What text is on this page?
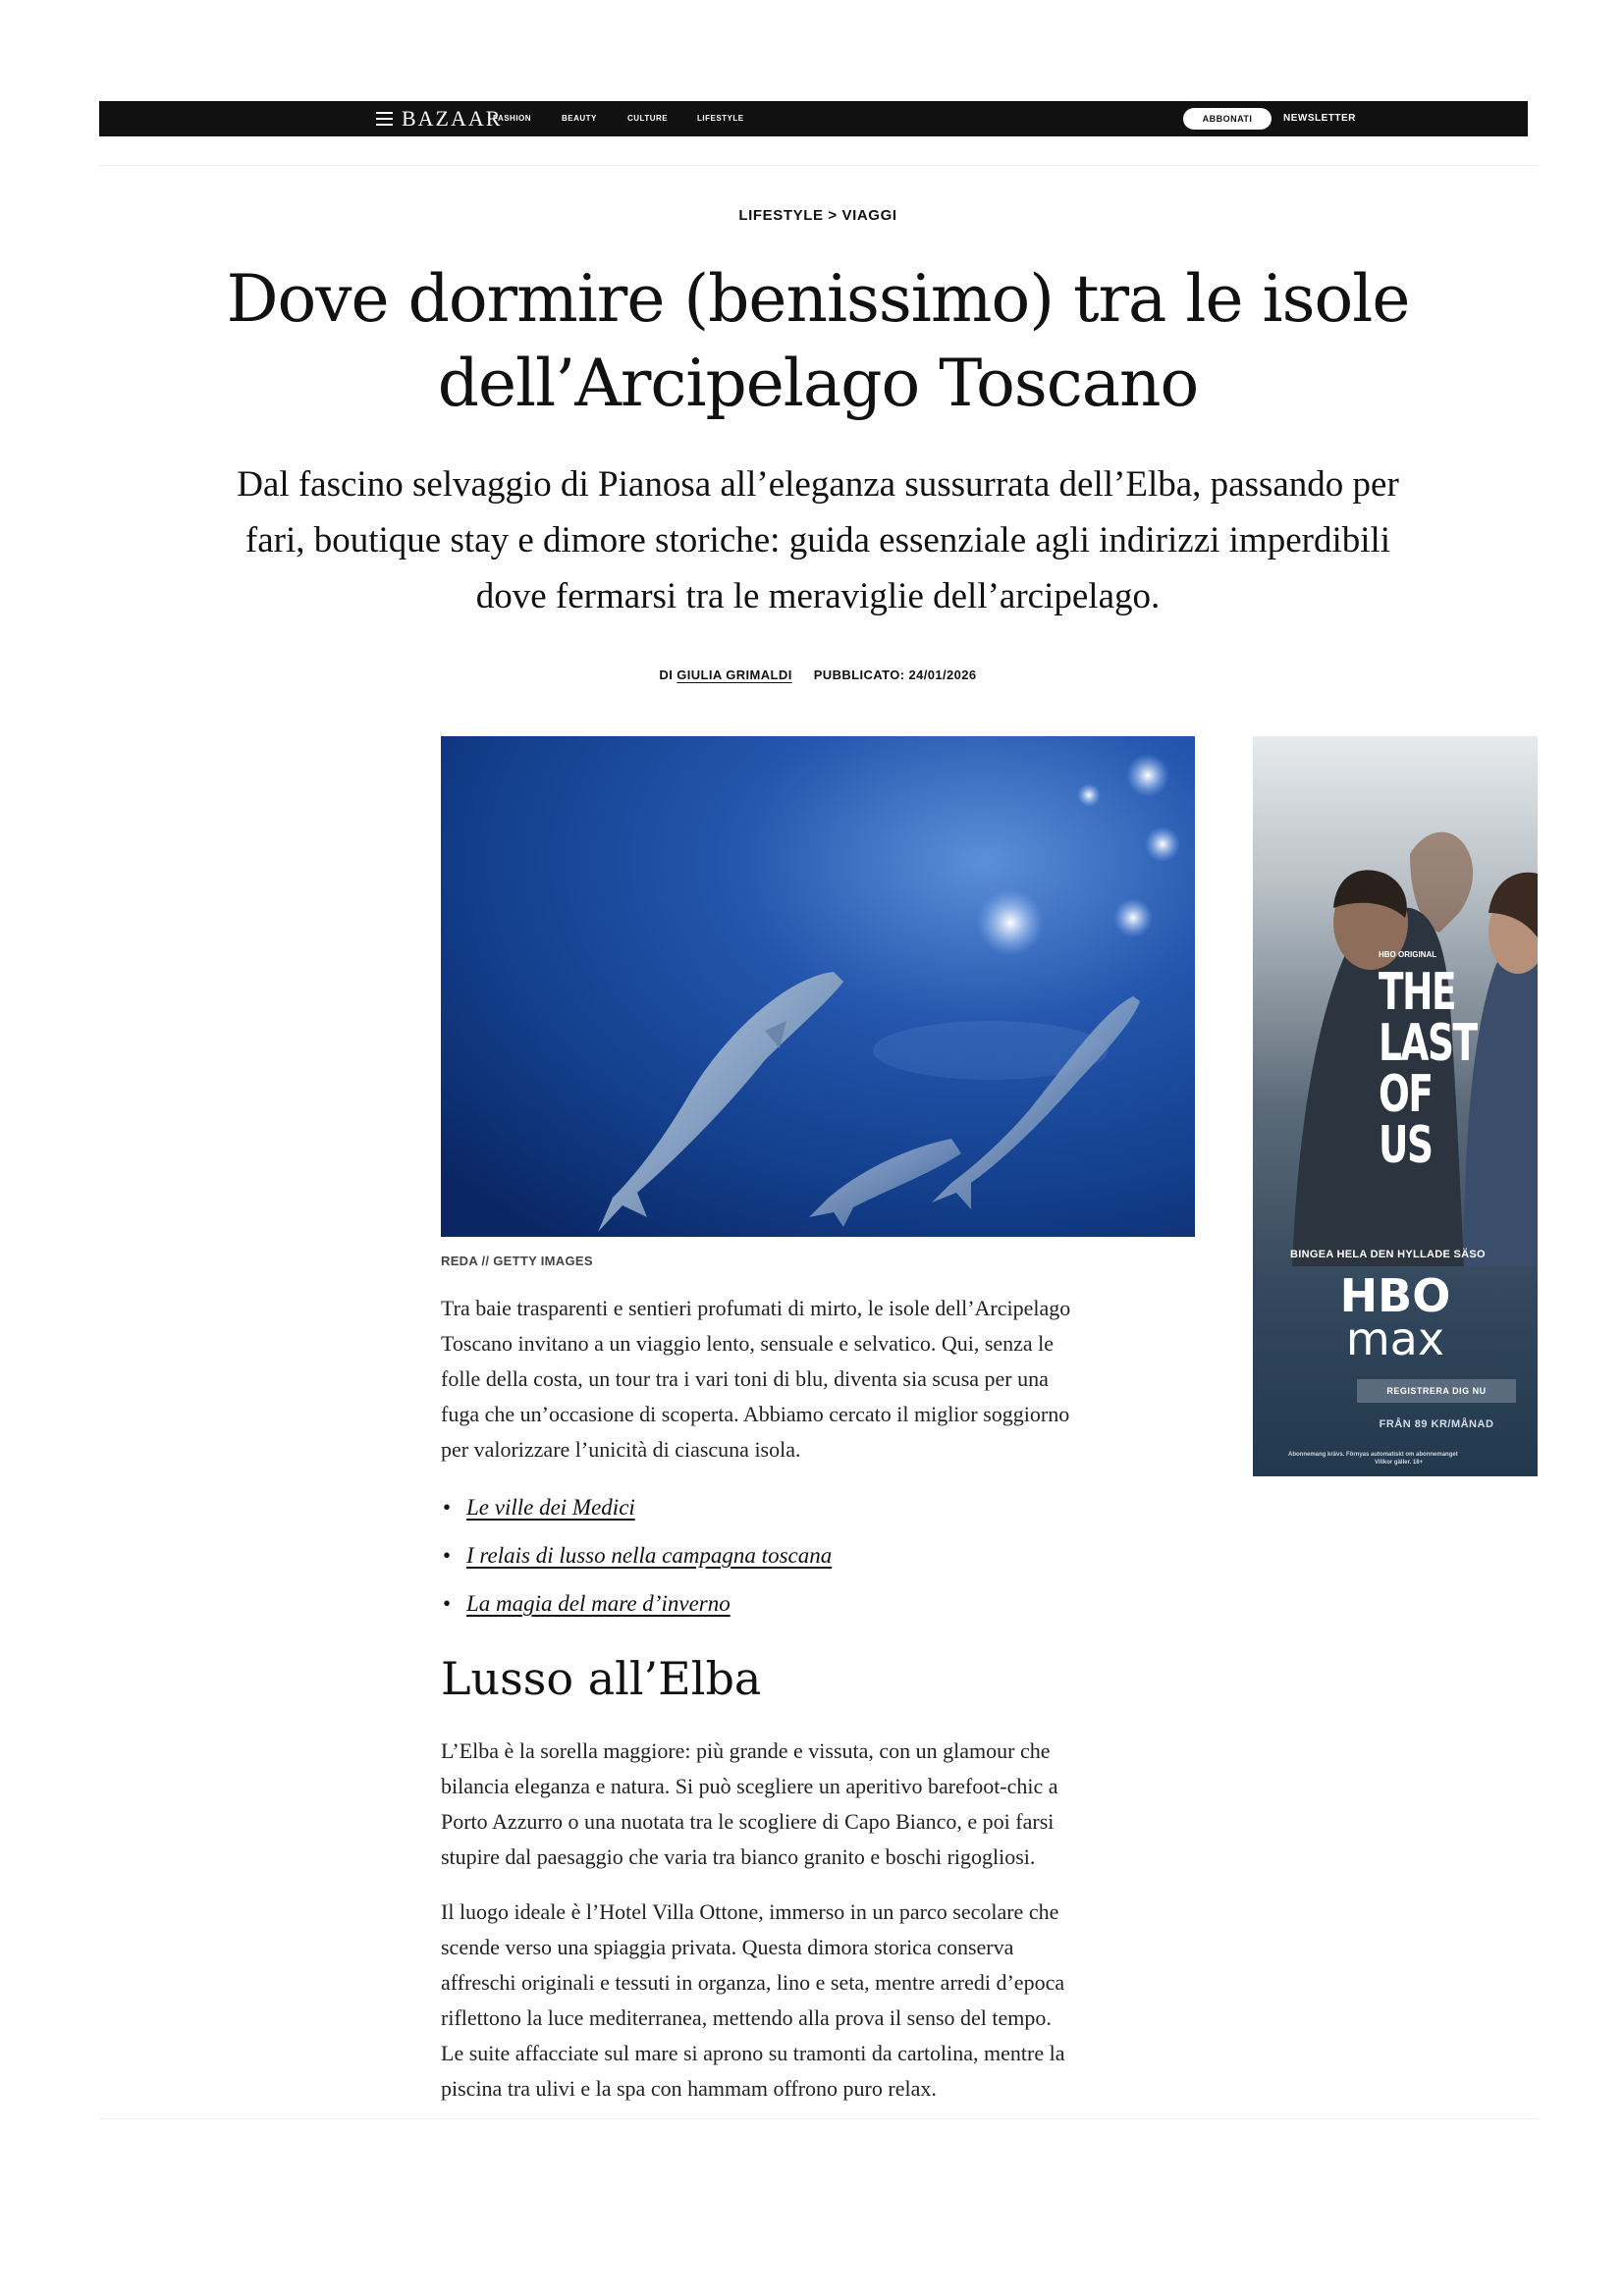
BAZAAR
FASHION	BEAUTY	CULTURE	LIFESTYLE	ABBONATI	NEWSLETTER
LIFESTYLE > VIAGGI
Dove dormire (benissimo) tra le isole
dell’Arcipelago Toscano
Dal fascino selvaggio di Pianosa all’eleganza sussurrata dell’Elba, passando per
fari, boutique stay e dimore storiche: guida essenziale agli indirizzi imperdibili
dove fermarsi tra le meraviglie dell’arcipelago.
DI GIULIA GRIMALDI PUBBLICATO: 24/01/2026
REDA // GETTY IMAGES
HBO ORIGINAL
THE
LAST
OF US
BINGEA HELA DEN HYLLADE SÄSO
HBO
max
REGISTRERA DIG NU
FRÅN 89 KR/MÅNAD
Abonnemang krävs. Förnyas automatiskt om abonnemanget
Villkor gäller. 18+
Tra baie trasparenti e sentieri profumati di mirto, le isole dell’Arcipelago
Toscano invitano a un viaggio lento, sensuale e selvatico. Qui, senza le
folle della costa, un tour tra i vari toni di blu, diventa sia scusa per una
fuga che un’occasione di scoperta. Abbiamo cercato il miglior soggiorno
per valorizzare l’unicità di ciascuna isola.
• Le ville dei Medici
• I relais di lusso nella campagna toscana
• La magia del mare d’inverno
Lusso all’Elba
L’Elba è la sorella maggiore: più grande e vissuta, con un glamour che
bilancia eleganza e natura. Si può scegliere un aperitivo barefoot-chic a
Porto Azzurro o una nuotata tra le scogliere di Capo Bianco, e poi farsi
stupire dal paesaggio che varia tra bianco granito e boschi rigogliosi.
Il luogo ideale è l’Hotel Villa Ottone, immerso in un parco secolare che
scende verso una spiaggia privata. Questa dimora storica conserva
affreschi originali e tessuti in organza, lino e seta, mentre arredi d’epoca
riflettono la luce mediterranea, mettendo alla prova il senso del tempo.
Le suite affacciate sul mare si aprono su tramonti da cartolina, mentre la
piscina tra ulivi e la spa con hammam offrono puro relax.
